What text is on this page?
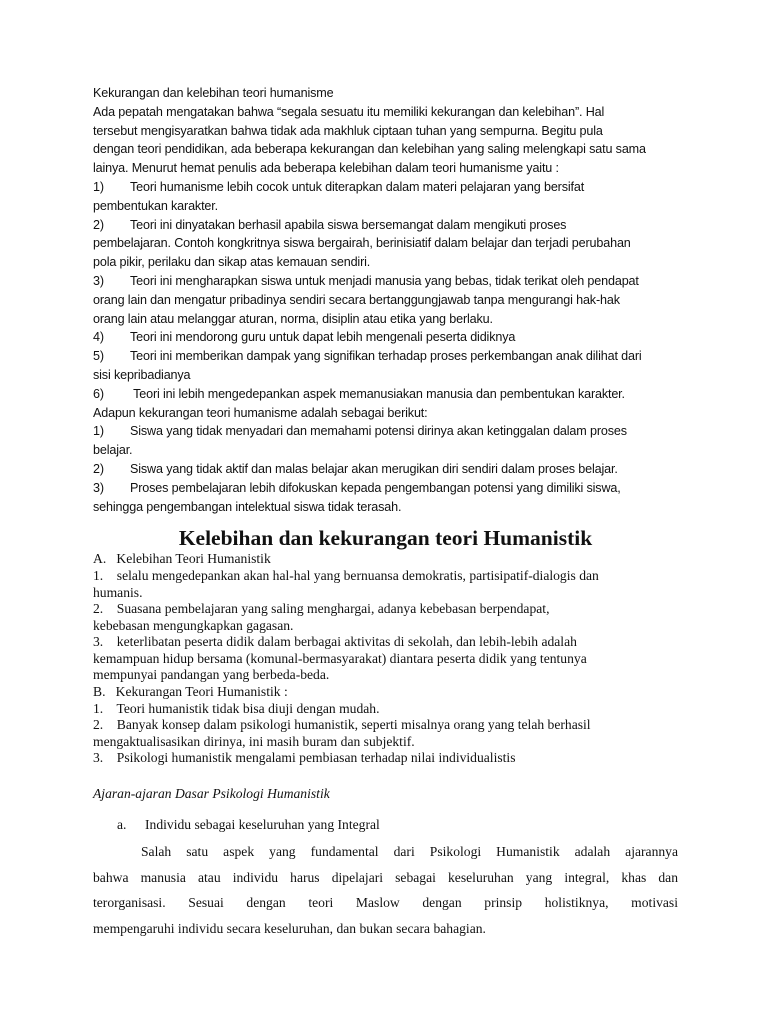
Kekurangan dan kelebihan teori humanisme

Ada pepatah mengatakan bahwa “segala sesuatu itu memiliki kekurangan dan kelebihan”. Hal

tersebut mengisyaratkan bahwa tidak ada makhluk ciptaan tuhan yang sempurna. Begitu pula

dengan teori pendidikan, ada beberapa kekurangan dan kelebihan yang saling melengkapi satu sama

lainya. Menurut hemat penulis ada beberapa kelebihan dalam teori humanisme yaitu :

1) Teori humanisme lebih cocok untuk diterapkan dalam materi pelajaran yang bersifat

pembentukan karakter.

2) Teori ini dinyatakan berhasil apabila siswa bersemangat dalam mengikuti proses

pembelajaran. Contoh kongkritnya siswa bergairah, berinisiatif dalam belajar dan terjadi perubahan

pola pikir, perilaku dan sikap atas kemauan sendiri.

3) Teori ini mengharapkan siswa untuk menjadi manusia yang bebas, tidak terikat oleh pendapat

orang lain dan mengatur pribadinya sendiri secara bertanggungjawab tanpa mengurangi hak-hak

orang lain atau melanggar aturan, norma, disiplin atau etika yang berlaku.

4) Teori ini mendorong guru untuk dapat lebih mengenali peserta didiknya

5) Teori ini memberikan dampak yang signifikan terhadap proses perkembangan anak dilihat dari

sisi kepribadianya

6) Teori ini lebih mengedepankan aspek memanusiakan manusia dan pembentukan karakter.

Adapun kekurangan teori humanisme adalah sebagai berikut:

1) Siswa yang tidak menyadari dan memahami potensi dirinya akan ketinggalan dalam proses

belajar.

2) Siswa yang tidak aktif dan malas belajar akan merugikan diri sendiri dalam proses belajar.

3) Proses pembelajaran lebih difokuskan kepada pengembangan potensi yang dimiliki siswa,

sehingga pengembangan intelektual siswa tidak terasah.

Kelebihan dan kekurangan teori Humanistik

A.   Kelebihan Teori Humanistik

1.    selalu mengedepankan akan hal-hal yang bernuansa demokratis, partisipatif-dialogis dan

humanis.

2.    Suasana pembelajaran yang saling menghargai, adanya kebebasan berpendapat,

kebebasan mengungkapkan gagasan.

3.    keterlibatan peserta didik dalam berbagai aktivitas di sekolah, dan lebih-lebih adalah

kemampuan hidup bersama (komunal-bermasyarakat) diantara peserta didik yang tentunya

mempunyai pandangan yang berbeda-beda.

B.   Kekurangan Teori Humanistik :

1.    Teori humanistik tidak bisa diuji dengan mudah.

2.    Banyak konsep dalam psikologi humanistik, seperti misalnya orang yang telah berhasil

mengaktualisasikan dirinya, ini masih buram dan subjektif.

3.    Psikologi humanistik mengalami pembiasan terhadap nilai individualistis

Ajaran-ajaran Dasar Psikologi Humanistik

a. Individu sebagai keseluruhan yang Integral

Salah satu aspek yang fundamental dari Psikologi Humanistik adalah ajarannya

bahwa manusia atau individu harus dipelajari sebagai keseluruhan yang integral, khas dan

terorganisasi. Sesuai dengan teori Maslow dengan prinsip holistiknya, motivasi

mempengaruhi individu secara keseluruhan, dan bukan secara bahagian.
